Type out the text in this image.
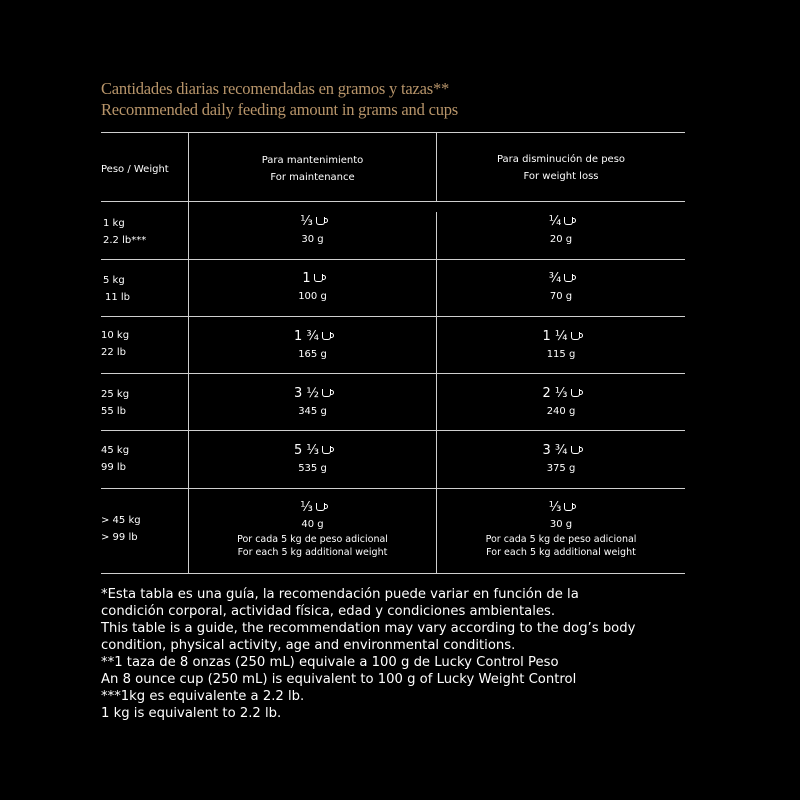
Cantidades diarias recomendadas en gramos y tazas**
Recommended daily feeding amount in grams and cups
Peso / Weight
Para mantenimiento
For maintenance
Para disminución de peso
For weight loss
1 kg
2.2 lb***
⅓
30 g
¼
20 g
5 kg
11 lb
1
100 g
¾
70 g
10 kg
22 lb
1 ¾
165 g
1 ¼
115 g
25 kg
55 lb
3 ½
345 g
2 ⅓
240 g
45 kg
99 lb
5 ⅓
535 g
3 ¾
375 g
> 45 kg
> 99 lb
⅓
40 g
Por cada 5 kg de peso adicional
For each 5 kg additional weight
⅓
30 g
Por cada 5 kg de peso adicional
For each 5 kg additional weight
*Esta tabla es una guía, la recomendación puede variar en función de la
condición corporal, actividad física, edad y condiciones ambientales.
This table is a guide, the recommendation may vary according to the dog’s body
condition, physical activity, age and environmental conditions.
**1 taza de 8 onzas (250 mL) equivale a 100 g de Lucky Control Peso
An 8 ounce cup (250 mL) is equivalent to 100 g of Lucky Weight Control
***1kg es equivalente a 2.2 lb.
1 kg is equivalent to 2.2 lb.
